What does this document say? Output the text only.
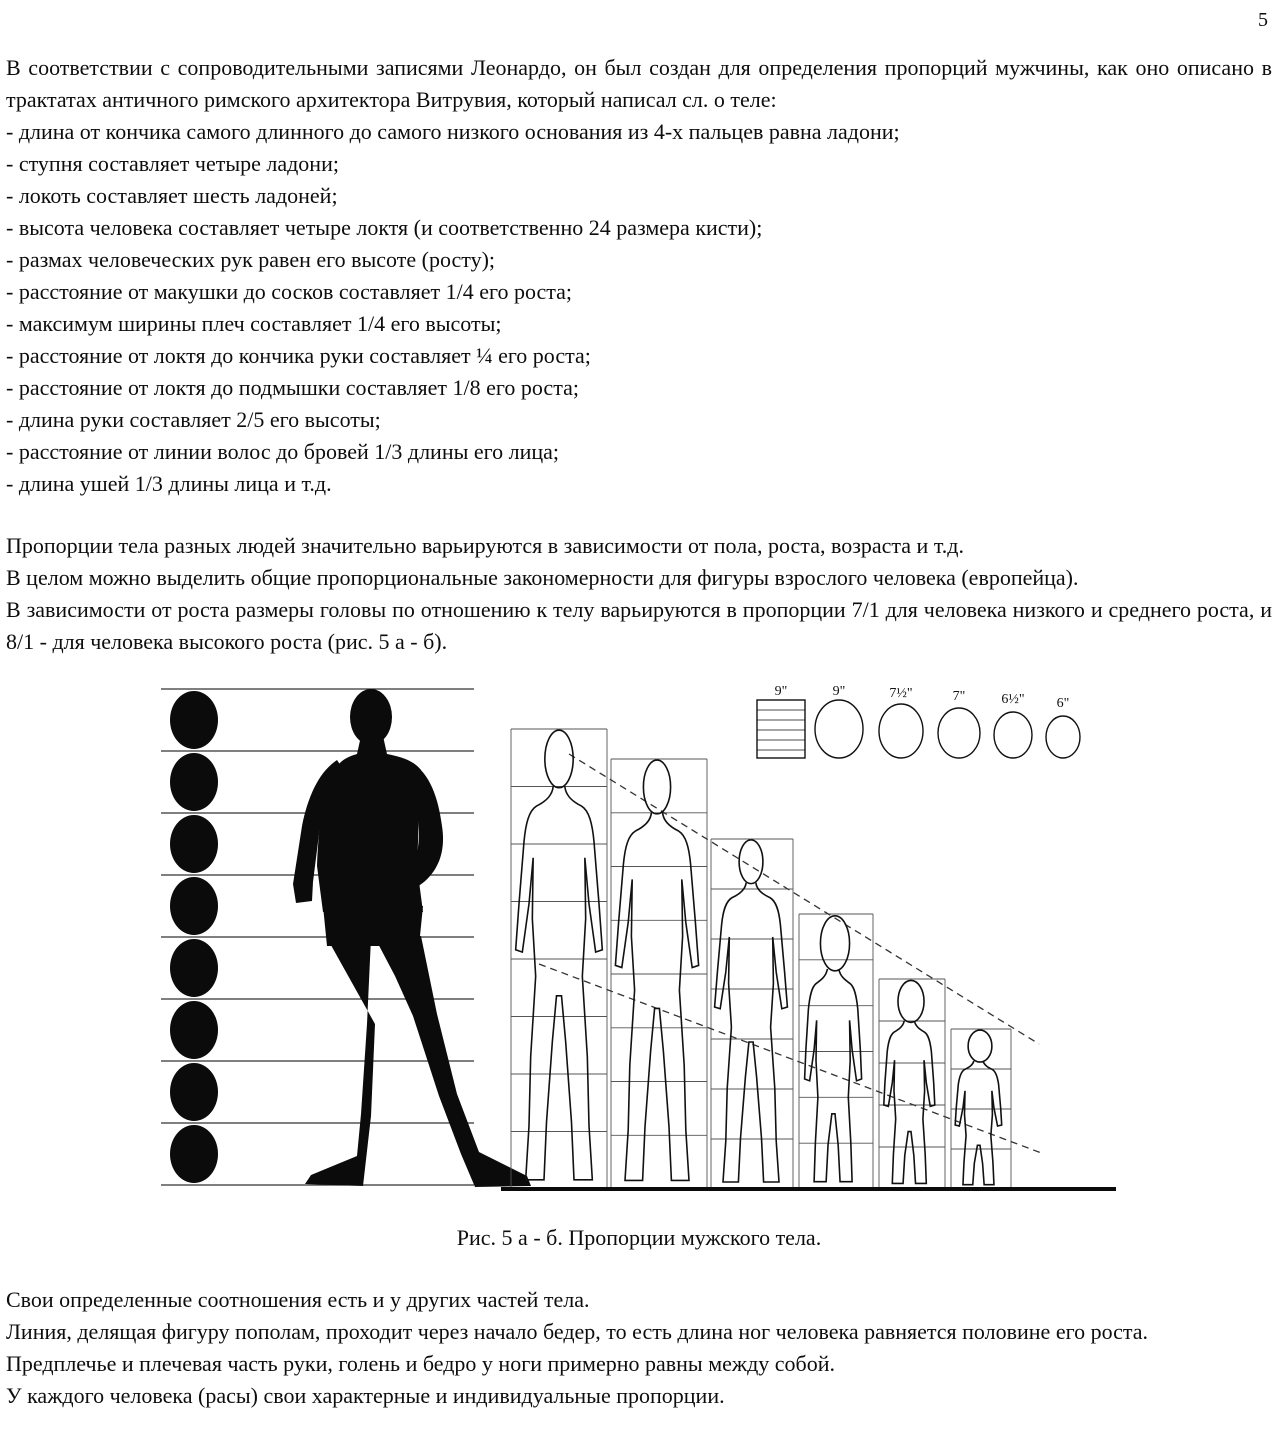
5

В соответствии с сопроводительными записями Леонардо, он был создан для определения пропорций мужчины, как оно описано в трактатах античного римского архитектора Витрувия, который написал сл. о теле:

- длина от кончика самого длинного до самого низкого основания из 4-х пальцев равна ладони;
- ступня составляет четыре ладони;
- локоть составляет шесть ладоней;
- высота человека составляет четыре локтя (и соответственно 24 размера кисти);
- размах человеческих рук равен его высоте (росту);
- расстояние от макушки до сосков составляет 1/4 его роста;
- максимум ширины плеч составляет 1/4 его высоты;
- расстояние от локтя до кончика руки составляет ¼ его роста;
- расстояние от локтя до подмышки составляет 1/8 его роста;
- длина руки составляет 2/5 его высоты;
- расстояние от линии волос до бровей 1/3 длины его лица;
- длина ушей 1/3 длины лица и т.д.

Пропорции тела разных людей значительно варьируются в зависимости от пола, роста, возраста и т.д.

В целом можно выделить общие пропорциональные закономерности для фигуры взрослого человека (европейца).

В зависимости от роста размеры головы по отношению к телу варьируются в пропорции 7/1 для человека низкого и среднего роста, и 8/1 - для человека высокого роста (рис. 5 а - б).

9"	9"	7½"	7"	6½" 6"
Рис. 5 а - б. Пропорции мужского тела.

Свои определенные соотношения есть и у других частей тела.

Линия, делящая фигуру пополам, проходит через начало бедер, то есть длина ног человека равняется половине его роста.

Предплечье и плечевая часть руки, голень и бедро у ноги примерно равны между собой.

У каждого человека (расы) свои характерные и индивидуальные пропорции.
